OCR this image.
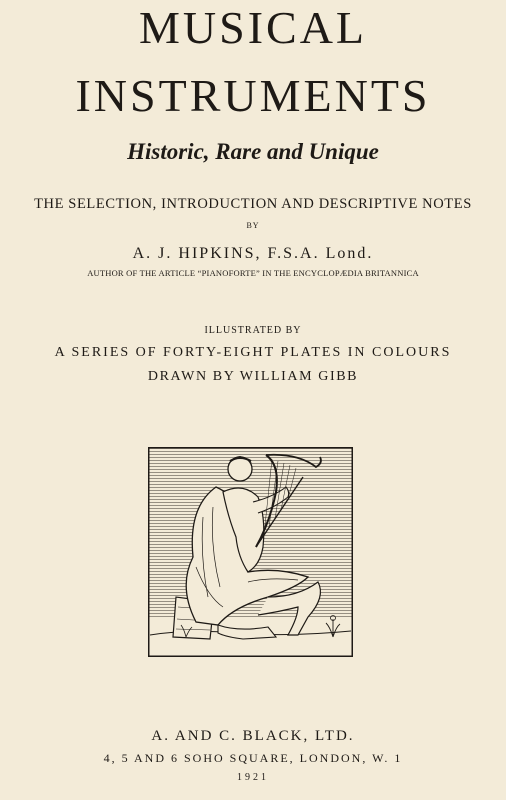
MUSICAL
INSTRUMENTS
Historic, Rare and Unique
THE SELECTION, INTRODUCTION AND DESCRIPTIVE NOTES
BY
A. J. HIPKINS, F.S.A. Lond.
AUTHOR OF THE ARTICLE “PIANOFORTE” IN THE ENCYCLOPÆDIA BRITANNICA
ILLUSTRATED BY
A SERIES OF FORTY-EIGHT PLATES IN COLOURS
DRAWN BY WILLIAM GIBB
A. AND C. BLACK, LTD.
4, 5 AND 6 SOHO SQUARE, LONDON, W. 1
1921
